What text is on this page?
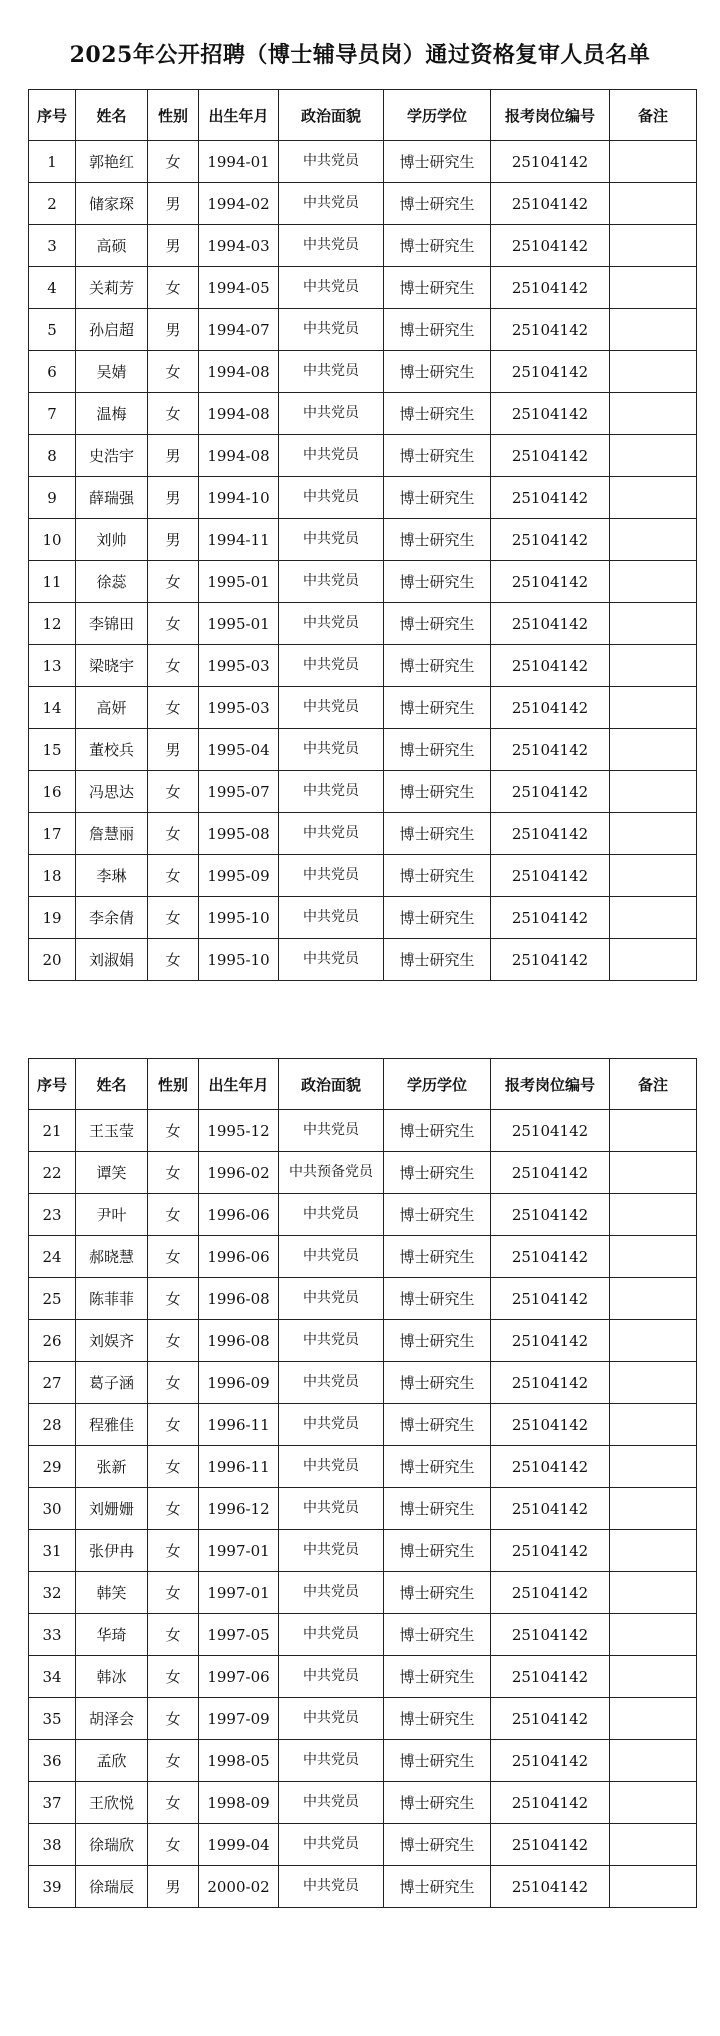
2025年公开招聘（博士辅导员岗）通过资格复审人员名单
序号	姓名	性别	出生年月	政治面貌	学历学位	报考岗位编号	备注
1	郭艳红	女	1994-01	中共党员	博士研究生	25104142	
2	储家琛	男	1994-02	中共党员	博士研究生	25104142	
3	高硕	男	1994-03	中共党员	博士研究生	25104142	
4	关莉芳	女	1994-05	中共党员	博士研究生	25104142	
5	孙启超	男	1994-07	中共党员	博士研究生	25104142	
6	吴婧	女	1994-08	中共党员	博士研究生	25104142	
7	温梅	女	1994-08	中共党员	博士研究生	25104142	
8	史浩宇	男	1994-08	中共党员	博士研究生	25104142	
9	薛瑞强	男	1994-10	中共党员	博士研究生	25104142	
10	刘帅	男	1994-11	中共党员	博士研究生	25104142	
11	徐蕊	女	1995-01	中共党员	博士研究生	25104142	
12	李锦田	女	1995-01	中共党员	博士研究生	25104142	
13	梁晓宇	女	1995-03	中共党员	博士研究生	25104142	
14	高妍	女	1995-03	中共党员	博士研究生	25104142	
15	董校兵	男	1995-04	中共党员	博士研究生	25104142	
16	冯思达	女	1995-07	中共党员	博士研究生	25104142	
17	詹慧丽	女	1995-08	中共党员	博士研究生	25104142	
18	李琳	女	1995-09	中共党员	博士研究生	25104142	
19	李余倩	女	1995-10	中共党员	博士研究生	25104142	
20	刘淑娟	女	1995-10	中共党员	博士研究生	25104142	
序号	姓名	性别	出生年月	政治面貌	学历学位	报考岗位编号	备注
21	王玉莹	女	1995-12	中共党员	博士研究生	25104142	
22	谭笑	女	1996-02	中共预备党员	博士研究生	25104142	
23	尹叶	女	1996-06	中共党员	博士研究生	25104142	
24	郝晓慧	女	1996-06	中共党员	博士研究生	25104142	
25	陈菲菲	女	1996-08	中共党员	博士研究生	25104142	
26	刘娱齐	女	1996-08	中共党员	博士研究生	25104142	
27	葛子涵	女	1996-09	中共党员	博士研究生	25104142	
28	程雅佳	女	1996-11	中共党员	博士研究生	25104142	
29	张新	女	1996-11	中共党员	博士研究生	25104142	
30	刘姗姗	女	1996-12	中共党员	博士研究生	25104142	
31	张伊冉	女	1997-01	中共党员	博士研究生	25104142	
32	韩笑	女	1997-01	中共党员	博士研究生	25104142	
33	华琦	女	1997-05	中共党员	博士研究生	25104142	
34	韩冰	女	1997-06	中共党员	博士研究生	25104142	
35	胡泽会	女	1997-09	中共党员	博士研究生	25104142	
36	孟欣	女	1998-05	中共党员	博士研究生	25104142	
37	王欣悦	女	1998-09	中共党员	博士研究生	25104142	
38	徐瑞欣	女	1999-04	中共党员	博士研究生	25104142	
39	徐瑞辰	男	2000-02	中共党员	博士研究生	25104142	
